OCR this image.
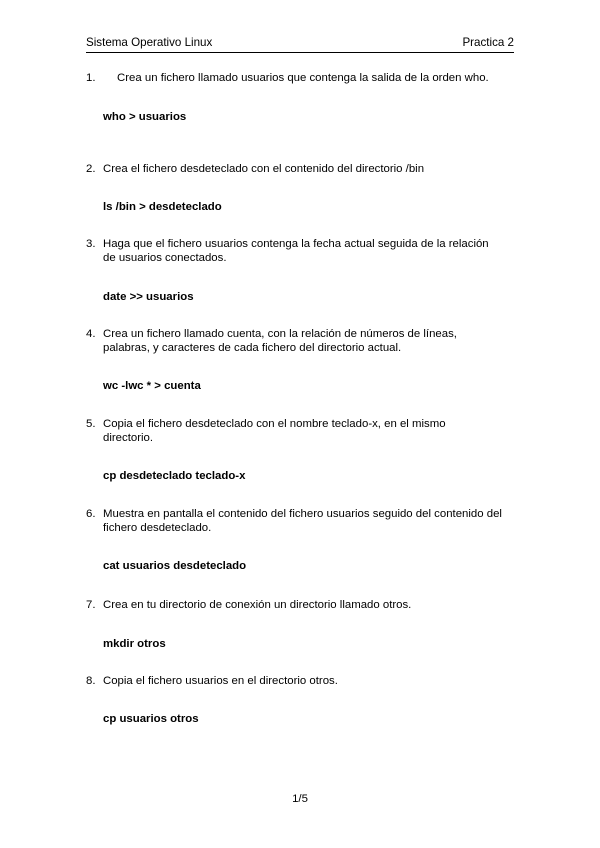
Sistema Operativo Linux	Practica 2
1.	Crea un fichero llamado usuarios que contenga la salida de la orden who.
who > usuarios
2. Crea el fichero desdeteclado con el contenido del directorio /bin
ls /bin > desdeteclado
3. Haga que el fichero usuarios contenga la fecha actual seguida de la relación de usuarios conectados.
date >> usuarios
4. Crea un fichero llamado cuenta, con la relación de números de líneas, palabras, y caracteres de cada fichero del directorio actual.
wc -lwc * > cuenta
5. Copia el fichero desdeteclado con el nombre teclado-x, en el mismo directorio.
cp desdeteclado teclado-x
6. Muestra en pantalla el contenido del fichero usuarios seguido del contenido del fichero desdeteclado.
cat usuarios desdeteclado
7. Crea en tu directorio de conexión un directorio llamado otros.
mkdir otros
8. Copia el fichero usuarios en el directorio otros.
cp usuarios otros
1/5
